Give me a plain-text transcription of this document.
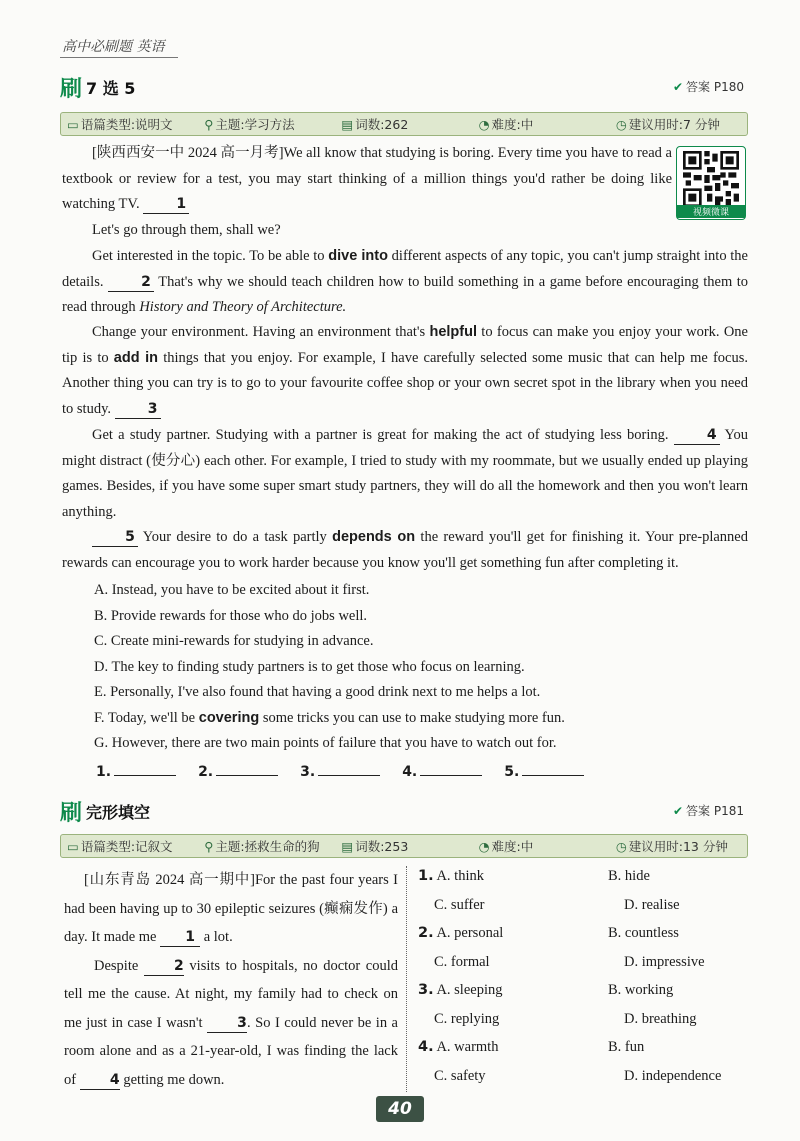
高中必刷题 英语
刷 7 选 5	✔ 答案 P180
▭ 语篇类型:说明文	⚲ 主题:学习方法	▤ 词数:262	◔ 难度:中	◷ 建议用时:7 分钟
视频微课

[陕西西安一中 2024 高一月考]We all know that studying is boring. Every time you have to read a textbook or review for a test, you may start thinking of a million things you'd rather be doing like watching TV.	1

Let's go through them, shall we?

Get interested in the topic. To be able to dive into different aspects of any topic, you can't jump straight into the details.	2 That's why we should teach children how to build something in a game before encouraging them to read through History and Theory of Architecture.

Change your environment. Having an environment that's helpful to focus can make you enjoy your work. One tip is to add in things that you enjoy. For example, I have carefully selected some music that can help me focus. Another thing you can try is to go to your favourite coffee shop or your own secret spot in the library when you need to study.	3

Get a study partner. Studying with a partner is great for making the act of studying less boring.	4 You might distract (使分心) each other. For example, I tried to study with my roommate, but we usually ended up playing games. Besides, if you have some super smart study partners, they will do all the homework and then you won't learn anything.

5 Your desire to do a task partly depends on the reward you'll get for finishing it. Your pre-planned rewards can encourage you to work harder because you know you'll get something fun after completing it.

A. Instead, you have to be excited about it first.
B. Provide rewards for those who do jobs well.
C. Create mini-rewards for studying in advance.
D. The key to finding study partners is to get those who focus on learning.
E. Personally, I've also found that having a good drink next to me helps a lot.
F. Today, we'll be covering some tricks you can use to make studying more fun.
G. However, there are two main points of failure that you have to watch out for.
1.	2.	3.	4.	5.
刷 完形填空	✔ 答案 P181
▭ 语篇类型:记叙文	⚲ 主题:拯救生命的狗	▤ 词数:253	◔ 难度:中	◷ 建议用时:13 分钟
[山东青岛 2024 高一期中]For the past four years I had been having up to 30 epileptic seizures (癫痫发作) a day. It made me 1 a lot.
Despite 2 visits to hospitals, no doctor could tell me the cause. At night, my family had to check on me just in case I wasn't 3. So I could never be in a room alone and as a 21-year-old, I was finding the lack of 4 getting me down.
1. A. think	B. hide
C. suffer	D. realise
2. A. personal	B. countless
C. formal	D. impressive
3. A. sleeping	B. working
C. replying	D. breathing
4. A. warmth	B. fun
C. safety	D. independence
40
